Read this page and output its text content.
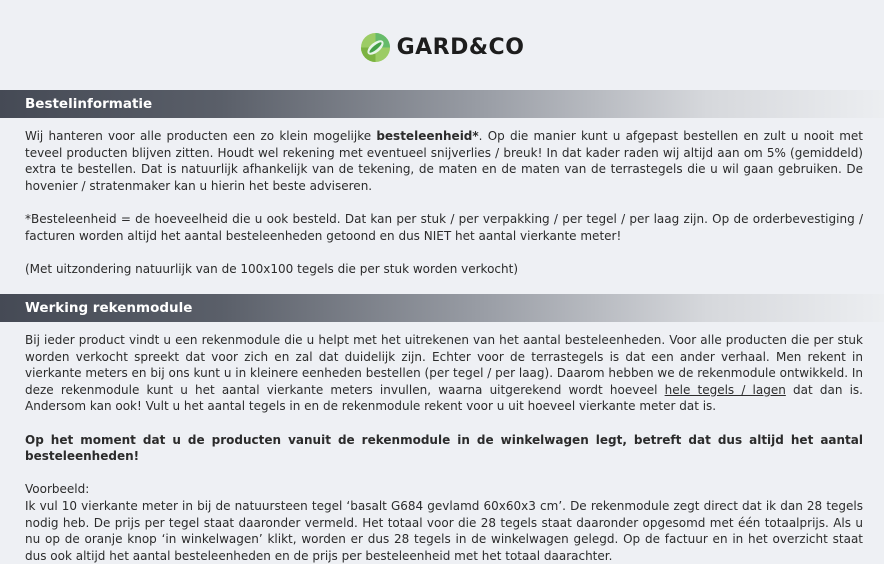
GARD&CO
Bestelinformatie

Wij hanteren voor alle producten een zo klein mogelijke besteleenheid*. Op die manier kunt u afgepast bestellen en zult u nooit met teveel producten blijven zitten. Houdt wel rekening met eventueel snijverlies / breuk! In dat kader raden wij altijd aan om 5% (gemiddeld) extra te bestellen. Dat is natuurlijk afhankelijk van de tekening, de maten en de maten van de terrastegels die u wil gaan gebruiken. De hovenier / stratenmaker kan u hierin het beste adviseren.

*Besteleenheid = de hoeveelheid die u ook besteld. Dat kan per stuk / per verpakking / per tegel / per laag zijn. Op de orderbevestiging / facturen worden altijd het aantal besteleenheden getoond en dus NIET het aantal vierkante meter!

(Met uitzondering natuurlijk van de 100x100 tegels die per stuk worden verkocht)

Werking rekenmodule

Bij ieder product vindt u een rekenmodule die u helpt met het uitrekenen van het aantal besteleenheden. Voor alle producten die per stuk worden verkocht spreekt dat voor zich en zal dat duidelijk zijn. Echter voor de terrastegels is dat een ander verhaal. Men rekent in vierkante meters en bij ons kunt u in kleinere eenheden bestellen (per tegel / per laag). Daarom hebben we de rekenmodule ontwikkeld. In deze rekenmodule kunt u het aantal vierkante meters invullen, waarna uitgerekend wordt hoeveel hele tegels / lagen dat dan is. Andersom kan ook! Vult u het aantal tegels in en de rekenmodule rekent voor u uit hoeveel vierkante meter dat is.

Op het moment dat u de producten vanuit de rekenmodule in de winkelwagen legt, betreft dat dus altijd het aantal besteleenheden!

Voorbeeld:

Ik vul 10 vierkante meter in bij de natuursteen tegel ‘basalt G684 gevlamd 60x60x3 cm’. De rekenmodule zegt direct dat ik dan 28 tegels nodig heb. De prijs per tegel staat daaronder vermeld. Het totaal voor die 28 tegels staat daaronder opgesomd met één totaalprijs. Als u nu op de oranje knop ‘in winkelwagen’ klikt, worden er dus 28 tegels in de winkelwagen gelegd. Op de factuur en in het overzicht staat dus ook altijd het aantal besteleenheden en de prijs per besteleenheid met het totaal daarachter.
